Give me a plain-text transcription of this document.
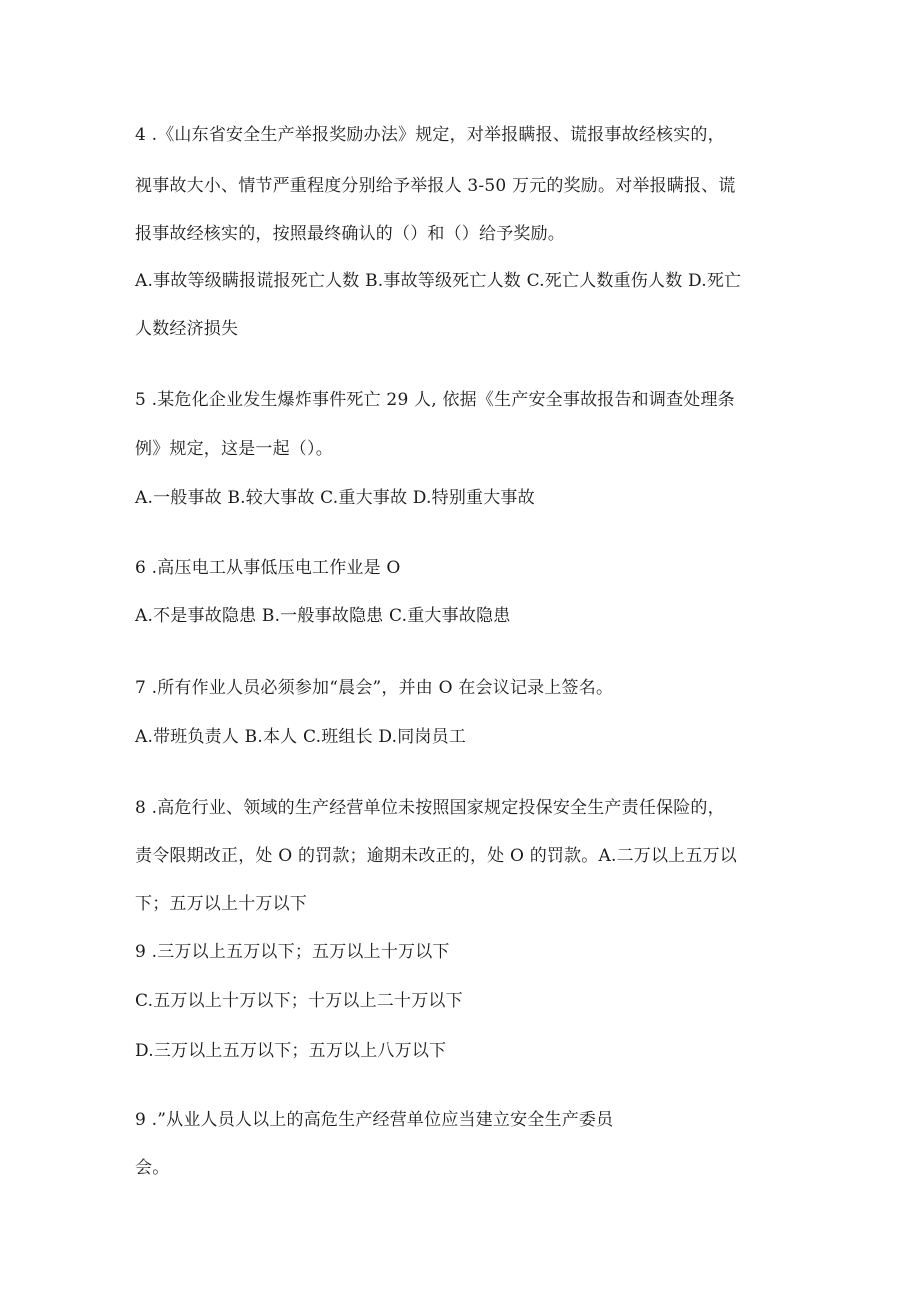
4 .《山东省安全生产举报奖励办法》规定，对举报瞒报、谎报事故经核实的，
视事故大小、情节严重程度分别给予举报人 3-50 万元的奖励。对举报瞒报、谎
报事故经核实的，按照最终确认的（）和（）给予奖励。
A.事故等级瞒报谎报死亡人数 B.事故等级死亡人数 C.死亡人数重伤人数 D.死亡
人数经济损失
5 .某危化企业发生爆炸事件死亡 29 人, 依据《生产安全事故报告和调查处理条
例》规定，这是一起（）。
A.一般事故 B.较大事故 C.重大事故 D.特别重大事故
6 .高压电工从事低压电工作业是 O
A.不是事故隐患 B.一般事故隐患 C.重大事故隐患
7 .所有作业人员必须参加“晨会”，并由 O 在会议记录上签名。
A.带班负责人 B.本人 C.班组长 D.同岗员工
8 .高危行业、领域的生产经营单位未按照国家规定投保安全生产责任保险的，
责令限期改正，处 O 的罚款；逾期未改正的，处 O 的罚款。A.二万以上五万以
下；五万以上十万以下
9 .三万以上五万以下；五万以上十万以下
C.五万以上十万以下；十万以上二十万以下
D.三万以上五万以下；五万以上八万以下
9 .”从业人员人以上的高危生产经营单位应当建立安全生产委员
会。
